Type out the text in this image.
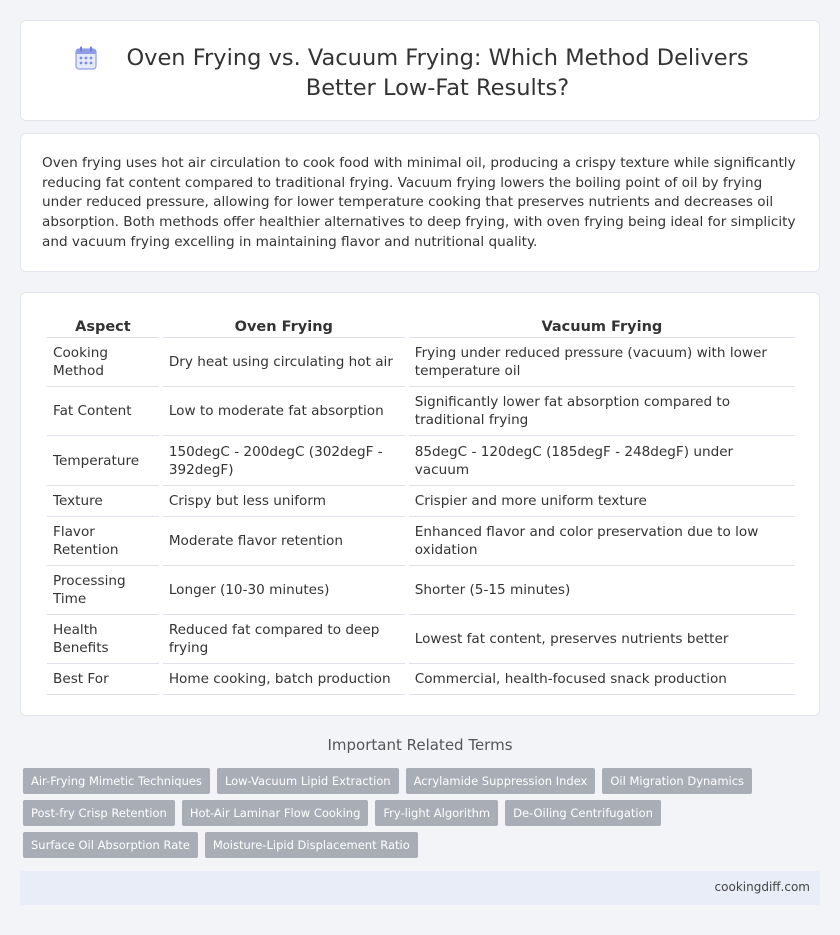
Oven Frying vs. Vacuum Frying: Which Method Delivers Better Low-Fat Results?

Oven frying uses hot air circulation to cook food with minimal oil, producing a crispy texture while significantly reducing fat content compared to traditional frying. Vacuum frying lowers the boiling point of oil by frying under reduced pressure, allowing for lower temperature cooking that preserves nutrients and decreases oil absorption. Both methods offer healthier alternatives to deep frying, with oven frying being ideal for simplicity and vacuum frying excelling in maintaining flavor and nutritional quality.

Aspect	Oven Frying	Vacuum Frying
Cooking Method	Dry heat using circulating hot air	Frying under reduced pressure (vacuum) with lower temperature oil
Fat Content	Low to moderate fat absorption	Significantly lower fat absorption compared to traditional frying
Temperature	150degC - 200degC (302degF - 392degF)	85degC - 120degC (185degF - 248degF) under vacuum
Texture	Crispy but less uniform	Crispier and more uniform texture
Flavor Retention	Moderate flavor retention	Enhanced flavor and color preservation due to low oxidation
Processing Time	Longer (10-30 minutes)	Shorter (5-15 minutes)
Health Benefits	Reduced fat compared to deep frying	Lowest fat content, preserves nutrients better
Best For	Home cooking, batch production	Commercial, health-focused snack production
Important Related Terms
Air-Frying Mimetic Techniques	Low-Vacuum Lipid Extraction	Acrylamide Suppression Index	Oil Migration Dynamics
Post-fry Crisp Retention	Hot-Air Laminar Flow Cooking	Fry-light Algorithm	De-Oiling Centrifugation
Surface Oil Absorption Rate	Moisture-Lipid Displacement Ratio
cookingdiff.com
